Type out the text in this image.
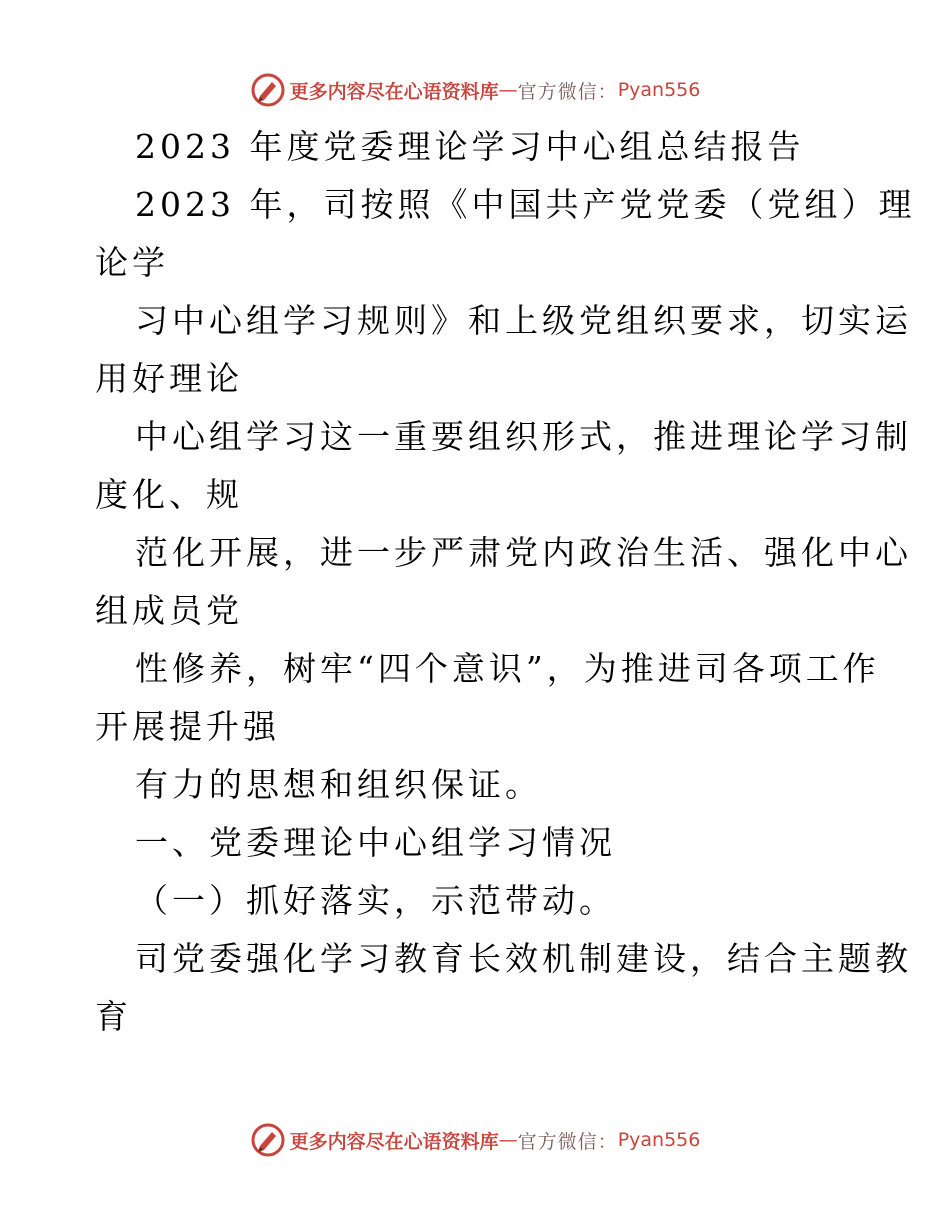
更多内容尽在心语资料库 — 官方微信： Pyan556
2023 年度党委理论学习中心组总结报告
2023 年，司按照《中国共产党党委（党组）理
论学
习中心组学习规则》和上级党组织要求，切实运
用好理论
中心组学习这一重要组织形式，推进理论学习制
度化、规
范化开展，进一步严肃党内政治生活、强化中心
组成员党
性修养，树牢“四个意识”，为推进司各项工作
开展提升强
有力的思想和组织保证。
一、党委理论中心组学习情况
（一）抓好落实，示范带动。
司党委强化学习教育长效机制建设，结合主题教
育
更多内容尽在心语资料库 — 官方微信： Pyan556
